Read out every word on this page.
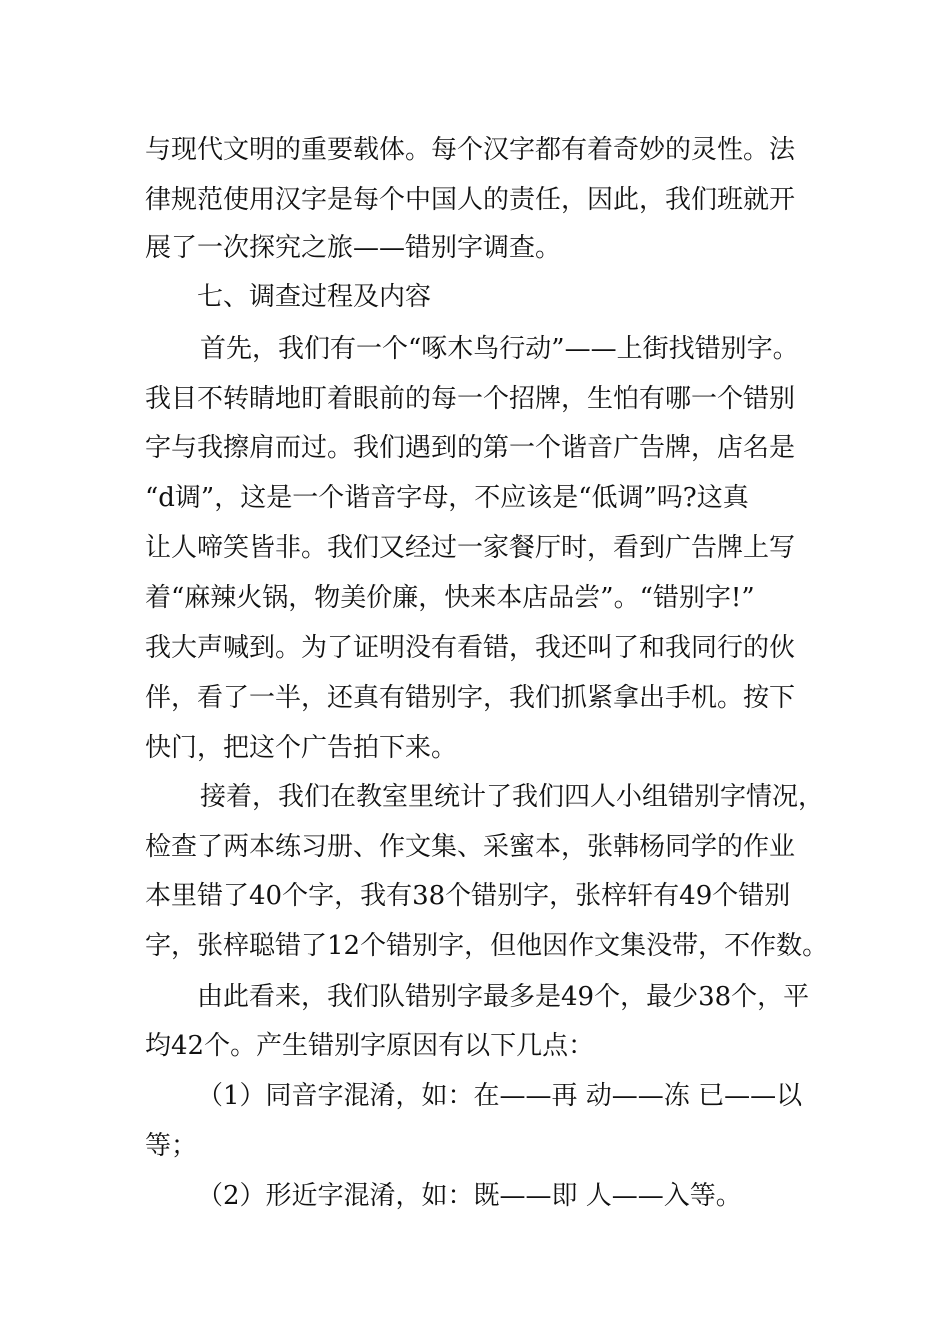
与现代文明的重要载体。每个汉字都有着奇妙的灵性。法
律规范使用汉字是每个中国人的责任，因此，我们班就开
展了一次探究之旅——错别字调查。
七、调查过程及内容
首先，我们有一个“啄木鸟行动”——上街找错别字。
我目不转睛地盯着眼前的每一个招牌，生怕有哪一个错别
字与我擦肩而过。我们遇到的第一个谐音广告牌，店名是
“d调”，这是一个谐音字母，不应该是“低调”吗?这真
让人啼笑皆非。我们又经过一家餐厅时，看到广告牌上写
着“麻辣火锅，物美价廉，快来本店品尝”。“错别字!”
我大声喊到。为了证明没有看错，我还叫了和我同行的伙
伴，看了一半，还真有错别字，我们抓紧拿出手机。按下
快门，把这个广告拍下来。
接着，我们在教室里统计了我们四人小组错别字情况，
检查了两本练习册、作文集、采蜜本，张韩杨同学的作业
本里错了40个字，我有38个错别字，张梓轩有49个错别
字，张梓聪错了12个错别字，但他因作文集没带，不作数。
由此看来，我们队错别字最多是49个，最少38个，平
均42个。产生错别字原因有以下几点：
（1）同音字混淆，如：在——再 动——冻 已——以
等；
（2）形近字混淆，如：既——即 人——入等。
